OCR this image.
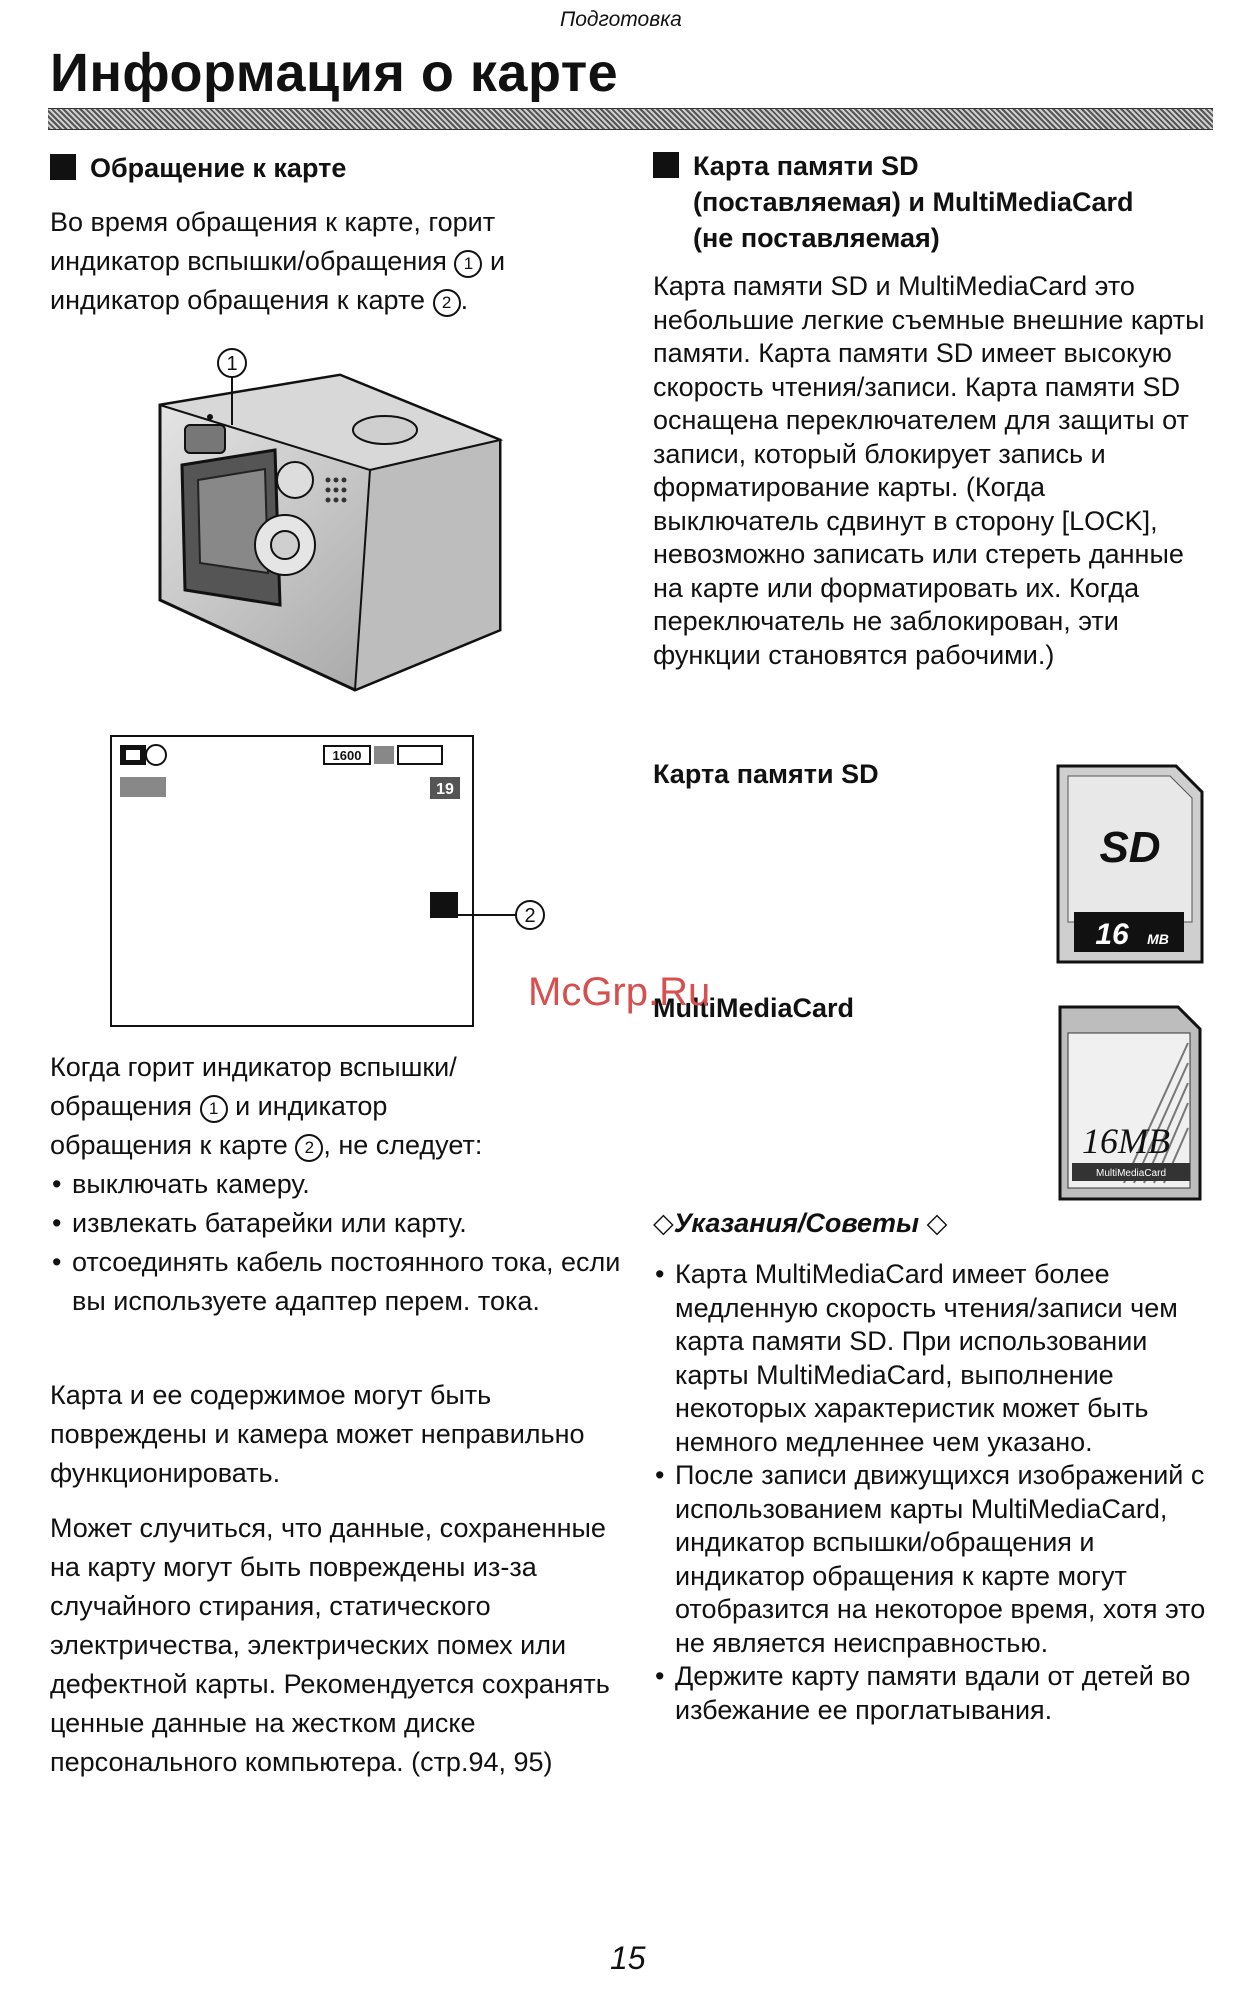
Подготовка
Информация о карте
Обращение к карте
Во время обращения к карте, горит
индикатор вспышки/обращения 1 и
индикатор обращения к карте 2 .
1
1600
19
2
Когда горит индикатор вспышки/
обращения 1 и индикатор
обращения к карте 2 , не следует:
• выключать камеру.
• извлекать батарейки или карту.
• отсоединять кабель постоянного тока, если вы используете адаптер перем. тока.
Карта и ее содержимое могут быть повреждены и камера может неправильно функционировать.
Может случиться, что данные, сохраненные на карту могут быть повреждены из-за случайного стирания, статического электричества, электрических помех или дефектной карты. Рекомендуется сохранять ценные данные на жестком диске персонального компьютера. (стр.94, 95)
Карта памяти SD
(поставляемая) и MultiMediaCard
(не поставляемая)
Карта памяти SD и MultiMediaCard это небольшие легкие съемные внешние карты памяти. Карта памяти SD имеет высокую скорость чтения/записи. Карта памяти SD оснащена переключателем для защиты от записи, который блокирует запись и форматирование карты. (Когда выключатель сдвинут в сторону [LOCK], невозможно записать или стереть данные на карте или форматировать их. Когда переключатель не заблокирован, эти функции становятся рабочими.)
Карта памяти SD
SD
16 MB
MultiMediaCard
McGrp.Ru
16MB
MultiMediaCard
◇Указания/Советы ◇
• Карта MultiMediaCard имеет более медленную скорость чтения/записи чем карта памяти SD. При использовании карты MultiMediaCard, выполнение некоторых характеристик может быть немного медленнее чем указано.
• После записи движущихся изображений с использованием карты MultiMediaCard, индикатор вспышки/обращения и индикатор обращения к карте могут отобразится на некоторое время, хотя это не является неисправностью.
• Держите карту памяти вдали от детей во избежание ее проглатывания.
15
